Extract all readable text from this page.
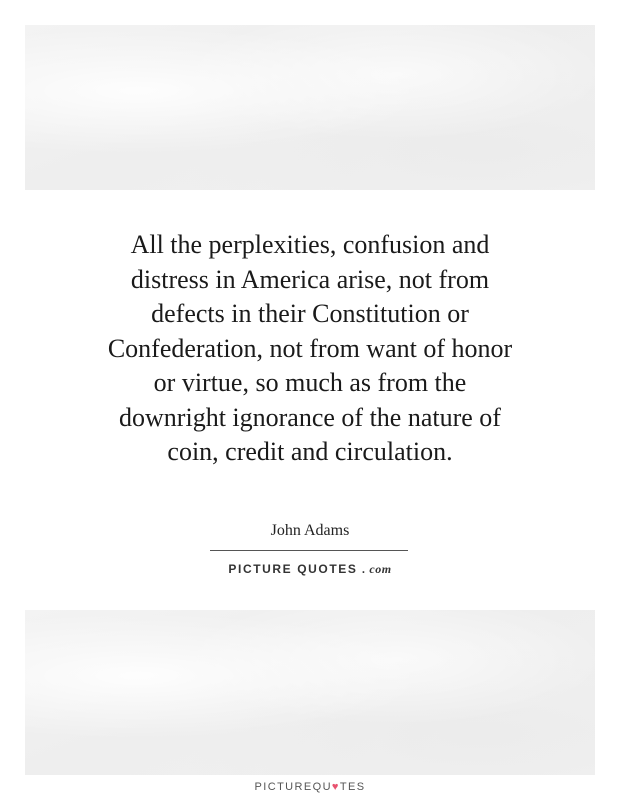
All the perplexities, confusion and
distress in America arise, not from
defects in their Constitution or
Confederation, not from want of honor
or virtue, so much as from the
downright ignorance of the nature of
coin, credit and circulation.

John Adams
PICTURE QUOTES . com
PICTUREQU♥TES
